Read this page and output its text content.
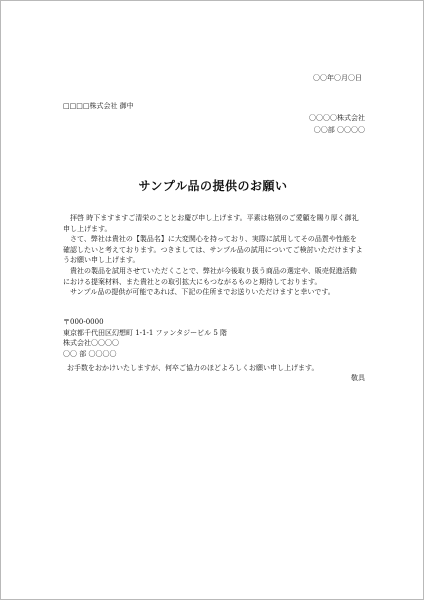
〇〇年〇月〇日
□□□□株式会社 御中
〇〇〇〇株式会社
〇〇部 〇〇〇〇
サンプル品の提供のお願い

拝啓 時下ますますご清栄のこととお慶び申し上げます。平素は格別のご愛顧を賜り厚く御礼申し上げます。

さて、弊社は貴社の【製品名】に大変関心を持っており、実際に試用してその品質や性能を確認したいと考えております。つきましては、サンプル品の試用についてご検討いただけますようお願い申し上げます。

貴社の製品を試用させていただくことで、弊社が今後取り扱う商品の選定や、販売促進活動における提案材料、また貴社との取引拡大にもつながるものと期待しております。

サンプル品の提供が可能であれば、下記の住所までお送りいただけますと幸いです。

〒000-0000
東京都千代田区幻想町 1-1-1 ファンタジービル 5 階
株式会社〇〇〇〇
〇〇 部 〇〇〇〇
お手数をおかけいたしますが、何卒ご協力のほどよろしくお願い申し上げます。
敬具
